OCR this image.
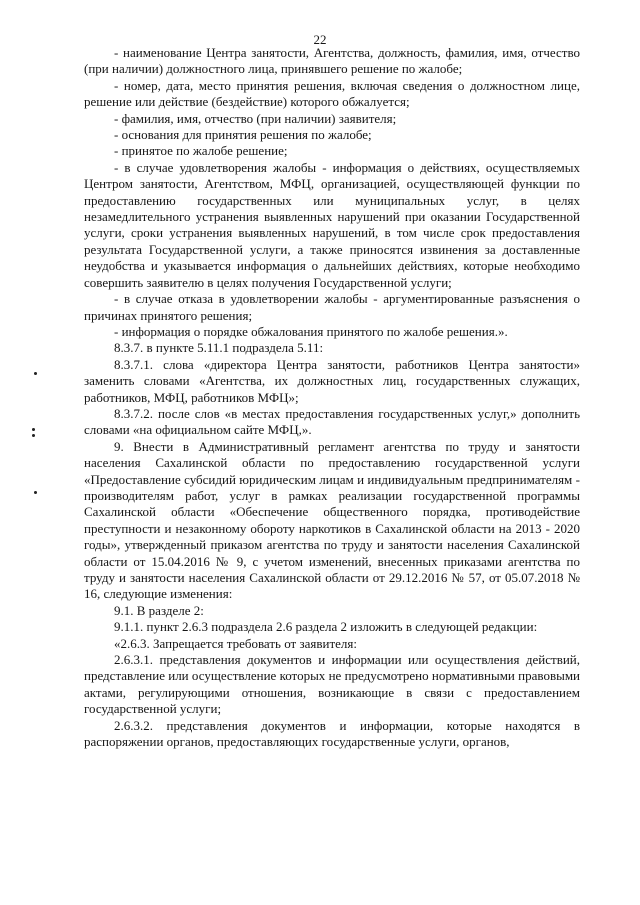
22

- наименование Центра занятости, Агентства, должность, фамилия, имя, отчество (при наличии) должностного лица, принявшего решение по жалобе;

- номер, дата, место принятия решения, включая сведения о должностном лице, решение или действие (бездействие) которого обжалуется;

- фамилия, имя, отчество (при наличии) заявителя;

- основания для принятия решения по жалобе;

- принятое по жалобе решение;

- в случае удовлетворения жалобы - информация о действиях, осуществляемых Центром занятости, Агентством, МФЦ, организацией, осуществляющей функции по предоставлению государственных или муниципальных услуг, в целях незамедлительного устранения выявленных нарушений при оказании Государственной услуги, сроки устранения выявленных нарушений, в том числе срок предоставления результата Государственной услуги, а также приносятся извинения за доставленные неудобства и указывается информация о дальнейших действиях, которые необходимо совершить заявителю в целях получения Государственной услуги;

- в случае отказа в удовлетворении жалобы - аргументированные разъяснения о причинах принятого решения;

- информация о порядке обжалования принятого по жалобе решения.».

8.3.7. в пункте 5.11.1 подраздела 5.11:

8.3.7.1. слова «директора Центра занятости, работников Центра занятости» заменить словами «Агентства, их должностных лиц, государственных служащих, работников, МФЦ, работников МФЦ»;

8.3.7.2. после слов «в местах предоставления государственных услуг,» дополнить словами «на официальном сайте МФЦ,».

9. Внести в Административный регламент агентства по труду и занятости населения Сахалинской области по предоставлению государственной услуги «Предоставление субсидий юридическим лицам и индивидуальным предпринимателям - производителям работ, услуг в рамках реализации государственной программы Сахалинской области «Обеспечение общественного порядка, противодействие преступности и незаконному обороту наркотиков в Сахалинской области на 2013 - 2020 годы», утвержденный приказом агентства по труду и занятости населения Сахалинской области от 15.04.2016 № 9, с учетом изменений, внесенных приказами агентства по труду и занятости населения Сахалинской области от 29.12.2016 № 57, от 05.07.2018 № 16, следующие изменения:

9.1. В разделе 2:

9.1.1. пункт 2.6.3 подраздела 2.6 раздела 2 изложить в следующей редакции:

«2.6.3. Запрещается требовать от заявителя:

2.6.3.1. представления документов и информации или осуществления действий, представление или осуществление которых не предусмотрено нормативными правовыми актами, регулирующими отношения, возникающие в связи с предоставлением государственной услуги;

2.6.3.2. представления документов и информации, которые находятся в распоряжении органов, предоставляющих государственные услуги, органов,
